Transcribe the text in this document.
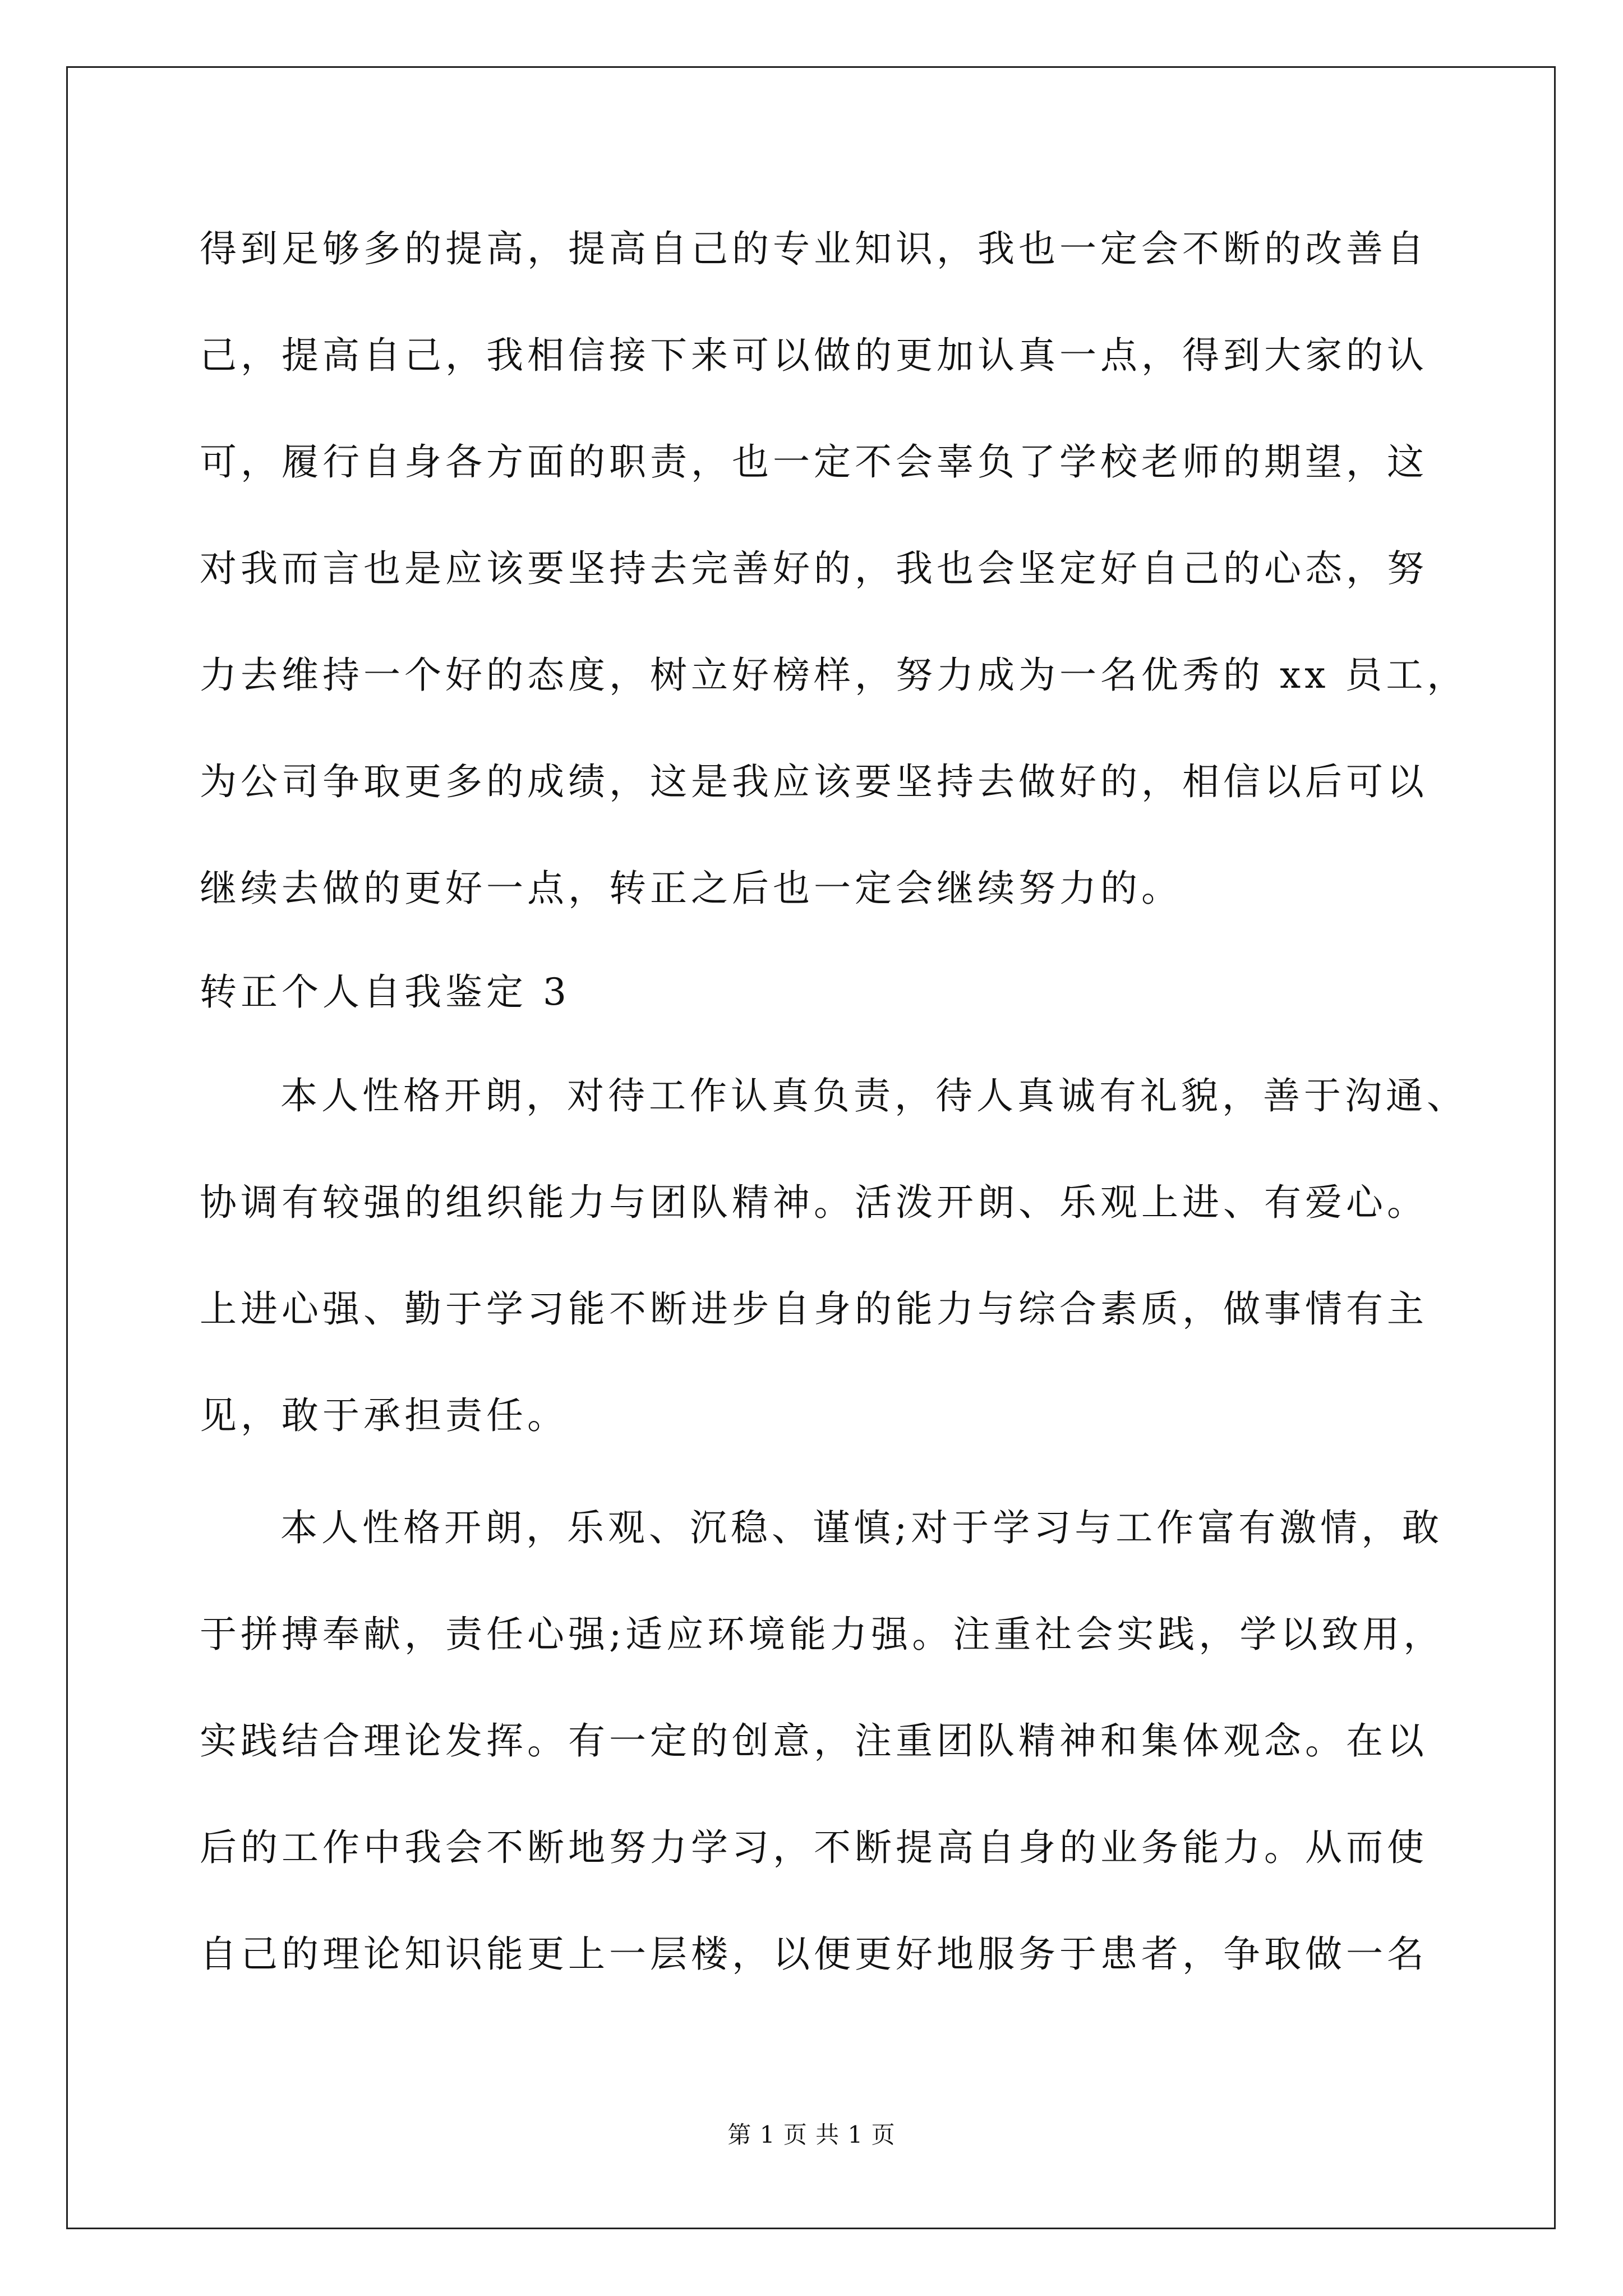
得到足够多的提高，提高自己的专业知识，我也一定会不断的改善自
己，提高自己，我相信接下来可以做的更加认真一点，得到大家的认
可，履行自身各方面的职责，也一定不会辜负了学校老师的期望，这
对我而言也是应该要坚持去完善好的，我也会坚定好自己的心态，努
力去维持一个好的态度，树立好榜样，努力成为一名优秀的 xx 员工，
为公司争取更多的成绩，这是我应该要坚持去做好的，相信以后可以
继续去做的更好一点，转正之后也一定会继续努力的。
转正个人自我鉴定 3
本人性格开朗，对待工作认真负责，待人真诚有礼貌，善于沟通、
协调有较强的组织能力与团队精神。活泼开朗、乐观上进、有爱心。
上进心强、勤于学习能不断进步自身的能力与综合素质，做事情有主
见，敢于承担责任。
本人性格开朗，乐观、沉稳、谨慎;对于学习与工作富有激情，敢
于拼搏奉献，责任心强;适应环境能力强。注重社会实践，学以致用，
实践结合理论发挥。有一定的创意，注重团队精神和集体观念。在以
后的工作中我会不断地努力学习，不断提高自身的业务能力。从而使
自己的理论知识能更上一层楼，以便更好地服务于患者，争取做一名
第 1 页 共 1 页
